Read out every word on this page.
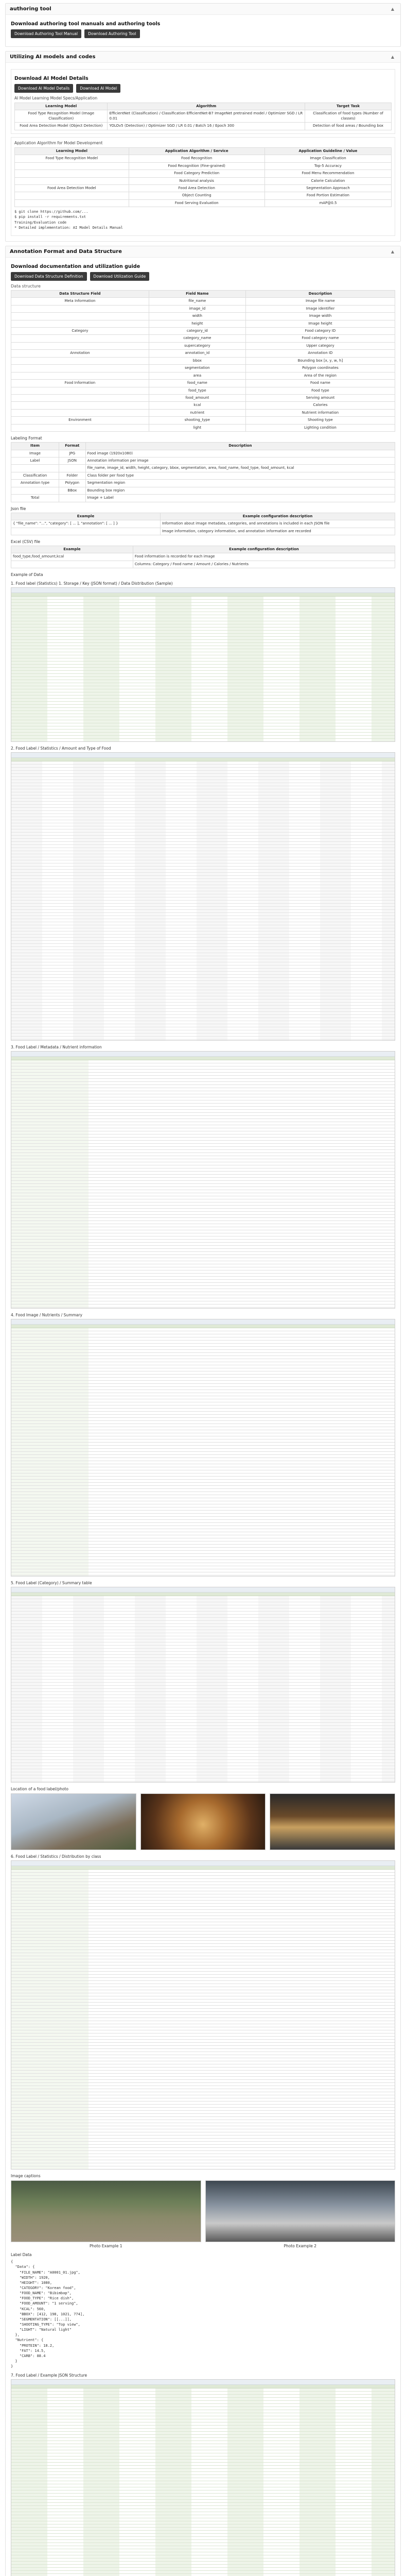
authoring tool	▲
Download authoring tool manuals and authoring tools
Download Authoring Tool Manual	Download Authoring Tool
Utilizing AI models and codes	▲
Download AI Model Details
Download AI Model Details	Download AI Model
AI Model Learning Model Specs/Application
Learning Model	Algorithm	Target Task
Food Type Recognition Model (Image Classification)	EfficientNet (Classification) / Classification EfficientNet-B7 ImageNet pretrained model / Optimizer SGD / LR 0.01	Classification of food types (Number of classes)
Food Area Detection Model (Object Detection)	YOLOv5 (Detection) / Optimizer SGD / LR 0.01 / Batch 16 / Epoch 300	Detection of food areas / Bounding box
Application Algorithm for Model Development
Learning Model	Application Algorithm / Service	Application Guideline / Value
Food Type Recognition Model	Food Recognition	Image Classification
	Food Recognition (Fine-grained)	Top-5 Accuracy
	Food Category Prediction	Food Menu Recommendation
	Nutritional analysis	Calorie Calculation
Food Area Detection Model	Food Area Detection	Segmentation Approach
	Object Counting	Food Portion Estimation
	Food Serving Evaluation	mAP@0.5
$ git clone https://github.com/...
$ pip install -r requirements.txt
Training/Evaluation code
* Detailed implementation: AI Model Details Manual
Annotation Format and Data Structure	▲
Download documentation and utilization guide
Download Data Structure Definition	Download Utilization Guide
Data structure
Data Structure Field	Field Name	Description
Meta Information	file_name	Image file name
	image_id	Image identifier
	width	Image width
	height	Image height
Category	category_id	Food category ID
	category_name	Food category name
	supercategory	Upper category
Annotation	annotation_id	Annotation ID
	bbox	Bounding box [x, y, w, h]
	segmentation	Polygon coordinates
	area	Area of the region
Food Information	food_name	Food name
	food_type	Food type
	food_amount	Serving amount
	kcal	Calories
	nutrient	Nutrient information
Environment	shooting_type	Shooting type
	light	Lighting condition
Labeling Format
Item	Format	Description
Image	JPG	Food image (1920x1080)
Label	JSON	Annotation information per image
		file_name, image_id, width, height, category, bbox, segmentation, area, food_name, food_type, food_amount, kcal
Classification	Folder	Class folder per food type
Annotation type	Polygon	Segmentation region
	BBox	Bounding box region
Total		Image + Label
Json file
Example	Example configuration description
{ "file_name": "...", "category": [ ... ], "annotation": [ ... ] }	Information about image metadata, categories, and annotations is included in each JSON file
	Image information, category information, and annotation information are recorded
Excel (CSV) file
Example	Example configuration description
food_type,food_amount,kcal	Food information is recorded for each image
	Columns: Category / Food name / Amount / Calories / Nutrients
Example of Data
1. Food label (Statistics) 1. Storage / Key (JSON format) / Data Distribution (Sample)
2. Food Label / Statistics / Amount and Type of Food
3. Food Label / Metadata / Nutrient information
4. Food Image / Nutrients / Summary
5. Food Label (Category) / Summary table
Location of a food label/photo
6. Food Label / Statistics / Distribution by class
Image captions
Photo Example 1	Photo Example 2
Label Data
{
"Data": {
"FILE_NAME": "A0001_01.jpg",
"WIDTH": 1920,
"HEIGHT": 1080,
"CATEGORY": "Korean food",
"FOOD_NAME": "Bibimbap",
"FOOD_TYPE": "Rice dish",
"FOOD_AMOUNT": "1 serving",
"KCAL": 560,
"BBOX": [412, 198, 1021, 774],
"SEGMENTATION": [[...]],
"SHOOTING_TYPE": "Top view",
"LIGHT": "Natural light"
},
"Nutrient": {
"PROTEIN": 18.2,
"FAT": 14.5,
"CARB": 88.4
}
}
7. Food Label / Example JSON Structure
